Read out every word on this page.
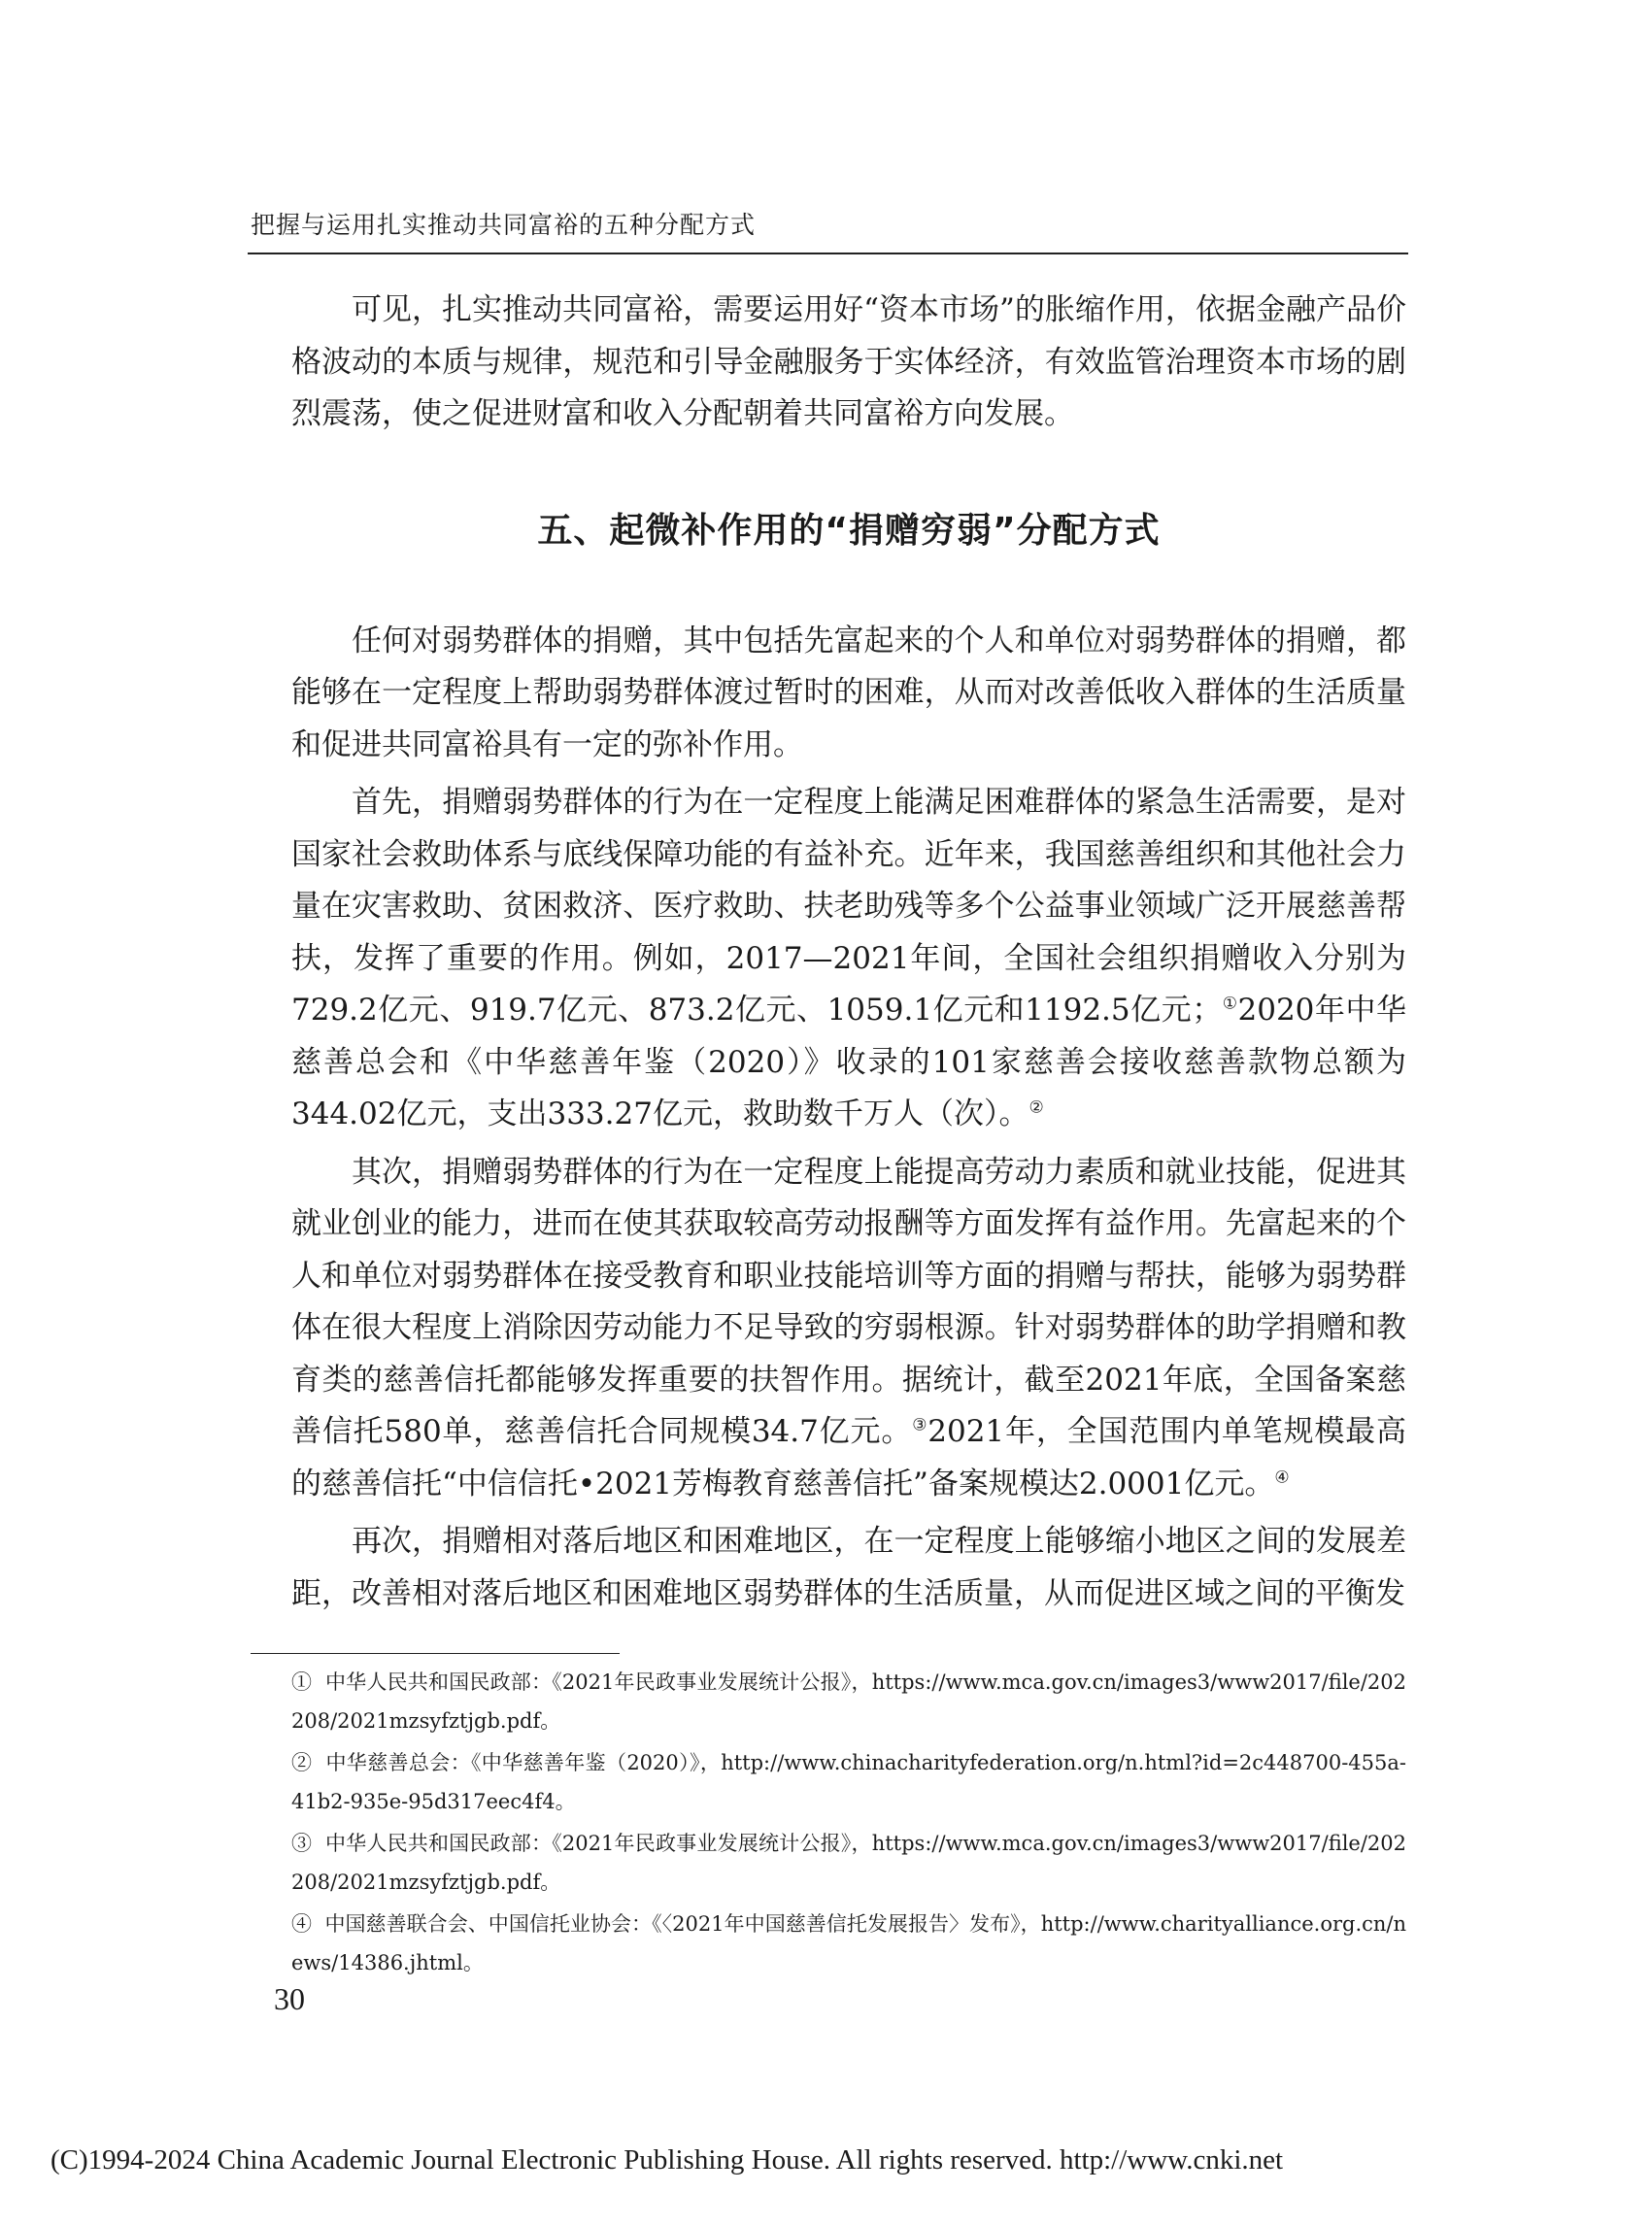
把握与运用扎实推动共同富裕的五种分配方式

可见，扎实推动共同富裕，需要运用好“资本市场”的胀缩作用，依据金融产品价格波动的本质与规律，规范和引导金融服务于实体经济，有效监管治理资本市场的剧烈震荡，使之促进财富和收入分配朝着共同富裕方向发展。

五、起微补作用的“捐赠穷弱”分配方式

任何对弱势群体的捐赠，其中包括先富起来的个人和单位对弱势群体的捐赠，都能够在一定程度上帮助弱势群体渡过暂时的困难，从而对改善低收入群体的生活质量和促进共同富裕具有一定的弥补作用。

首先，捐赠弱势群体的行为在一定程度上能满足困难群体的紧急生活需要，是对国家社会救助体系与底线保障功能的有益补充。近年来，我国慈善组织和其他社会力量在灾害救助、贫困救济、医疗救助、扶老助残等多个公益事业领域广泛开展慈善帮扶，发挥了重要的作用。例如，2017—2021年间，全国社会组织捐赠收入分别为729.2亿元、919.7亿元、873.2亿元、1059.1亿元和1192.5亿元；①2020年中华慈善总会和《中华慈善年鉴（2020）》收录的101家慈善会接收慈善款物总额为344.02亿元，支出333.27亿元，救助数千万人（次）。②

其次，捐赠弱势群体的行为在一定程度上能提高劳动力素质和就业技能，促进其就业创业的能力，进而在使其获取较高劳动报酬等方面发挥有益作用。先富起来的个人和单位对弱势群体在接受教育和职业技能培训等方面的捐赠与帮扶，能够为弱势群体在很大程度上消除因劳动能力不足导致的穷弱根源。针对弱势群体的助学捐赠和教育类的慈善信托都能够发挥重要的扶智作用。据统计，截至2021年底，全国备案慈善信托580单，慈善信托合同规模34.7亿元。③2021年，全国范围内单笔规模最高的慈善信托“中信信托•2021芳梅教育慈善信托”备案规模达2.0001亿元。④

再次，捐赠相对落后地区和困难地区，在一定程度上能够缩小地区之间的发展差距，改善相对落后地区和困难地区弱势群体的生活质量，从而促进区域之间的平衡发

① 中华人民共和国民政部：《2021年民政事业发展统计公报》，https://www.mca.gov.cn/images3/www2017/file/202208/2021mzsyfztjgb.pdf。

② 中华慈善总会：《中华慈善年鉴（2020）》，http://www.chinacharityfederation.org/n.html?id=2c448700-455a-41b2-935e-95d317eec4f4。

③ 中华人民共和国民政部：《2021年民政事业发展统计公报》，https://www.mca.gov.cn/images3/www2017/file/202208/2021mzsyfztjgb.pdf。

④ 中国慈善联合会、中国信托业协会：《〈2021年中国慈善信托发展报告〉发布》，http://www.charityalliance.org.cn/news/14386.jhtml。

30
(C)1994-2024 China Academic Journal Electronic Publishing House. All rights reserved. http://www.cnki.net
